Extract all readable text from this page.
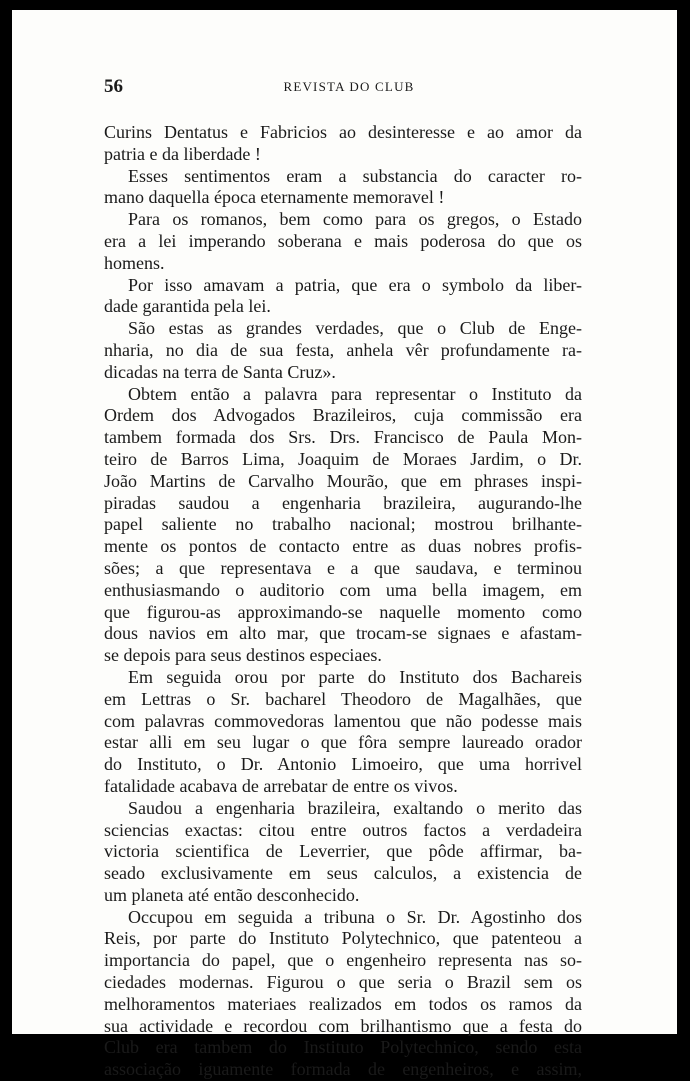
56	REVISTA DO CLUB
Curins Dentatus e Fabricios ao desinteresse e ao amor da
patria e da liberdade !
Esses sentimentos eram a substancia do caracter ro-
mano daquella época eternamente memoravel !
Para os romanos, bem como para os gregos, o Estado
era a lei imperando soberana e mais poderosa do que os
homens.
Por isso amavam a patria, que era o symbolo da liber-
dade garantida pela lei.
São estas as grandes verdades, que o Club de Enge-
nharia, no dia de sua festa, anhela vêr profundamente ra-
dicadas na terra de Santa Cruz».
Obtem então a palavra para representar o Instituto da
Ordem dos Advogados Brazileiros, cuja commissão era
tambem formada dos Srs. Drs. Francisco de Paula Mon-
teiro de Barros Lima, Joaquim de Moraes Jardim, o Dr.
João Martins de Carvalho Mourão, que em phrases inspi-
piradas saudou a engenharia brazileira, augurando-lhe
papel saliente no trabalho nacional; mostrou brilhante-
mente os pontos de contacto entre as duas nobres profis-
sões; a que representava e a que saudava, e terminou
enthusiasmando o auditorio com uma bella imagem, em
que figurou-as approximando-se naquelle momento como
dous navios em alto mar, que trocam-se signaes e afastam-
se depois para seus destinos especiaes.
Em seguida orou por parte do Instituto dos Bachareis
em Lettras o Sr. bacharel Theodoro de Magalhães, que
com palavras commovedoras lamentou que não podesse mais
estar alli em seu lugar o que fôra sempre laureado orador
do Instituto, o Dr. Antonio Limoeiro, que uma horrivel
fatalidade acabava de arrebatar de entre os vivos.
Saudou a engenharia brazileira, exaltando o merito das
sciencias exactas: citou entre outros factos a verdadeira
victoria scientifica de Leverrier, que pôde affirmar, ba-
seado exclusivamente em seus calculos, a existencia de
um planeta até então desconhecido.
Occupou em seguida a tribuna o Sr. Dr. Agostinho dos
Reis, por parte do Instituto Polytechnico, que patenteou a
importancia do papel, que o engenheiro representa nas so-
ciedades modernas. Figurou o que seria o Brazil sem os
melhoramentos materiaes realizados em todos os ramos da
sua actividade e recordou com brilhantismo que a festa do
Club era tambem do Instituto Polytechnico, sendo esta
associação iguamente formada de engenheiros, e assim,
